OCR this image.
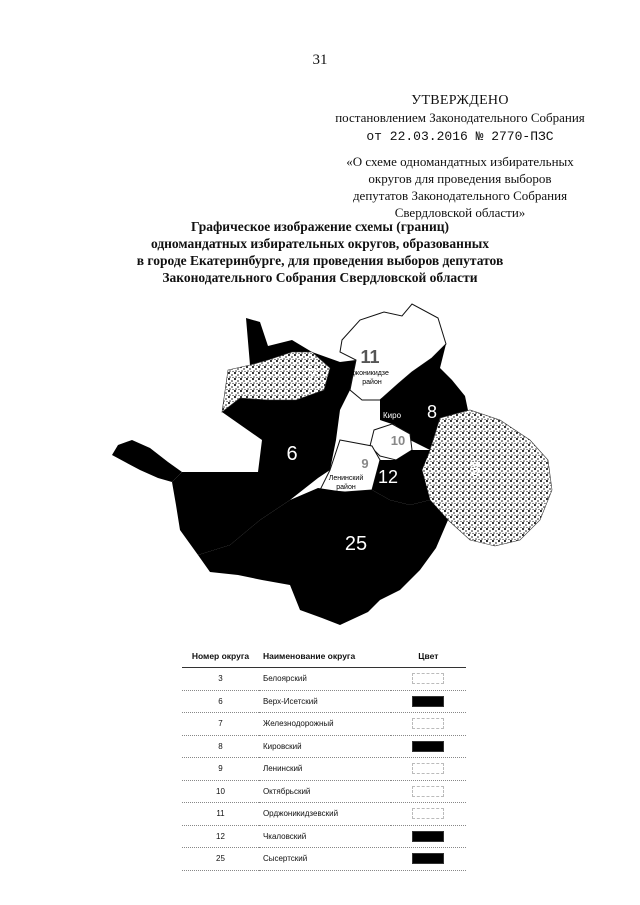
31
УТВЕРЖДЕНО
постановлением Законодательного Собрания
от 22.03.2016 № 2770-ПЗС
«О схеме одномандатных избирательных
округов для проведения выборов
депутатов Законодательного Собрания
Свердловской области»
Графическое изображение схемы (границ)
одномандатных избирательных округов, образованных
в городе Екатеринбурге, для проведения выборов депутатов
Законодательного Собрания Свердловской области
11
Орджоникидзе
район
7
8
Киро
6
10
9
Ленинский
район
12	3
25
Номер округа	Наименование округа	Цвет
3	Белоярский	
6	Верх-Исетский	
7	Железнодорожный	
8	Кировский	
9	Ленинский	
10	Октябрьский	
11	Орджоникидзевский	
12	Чкаловский	
25	Сысертский	
